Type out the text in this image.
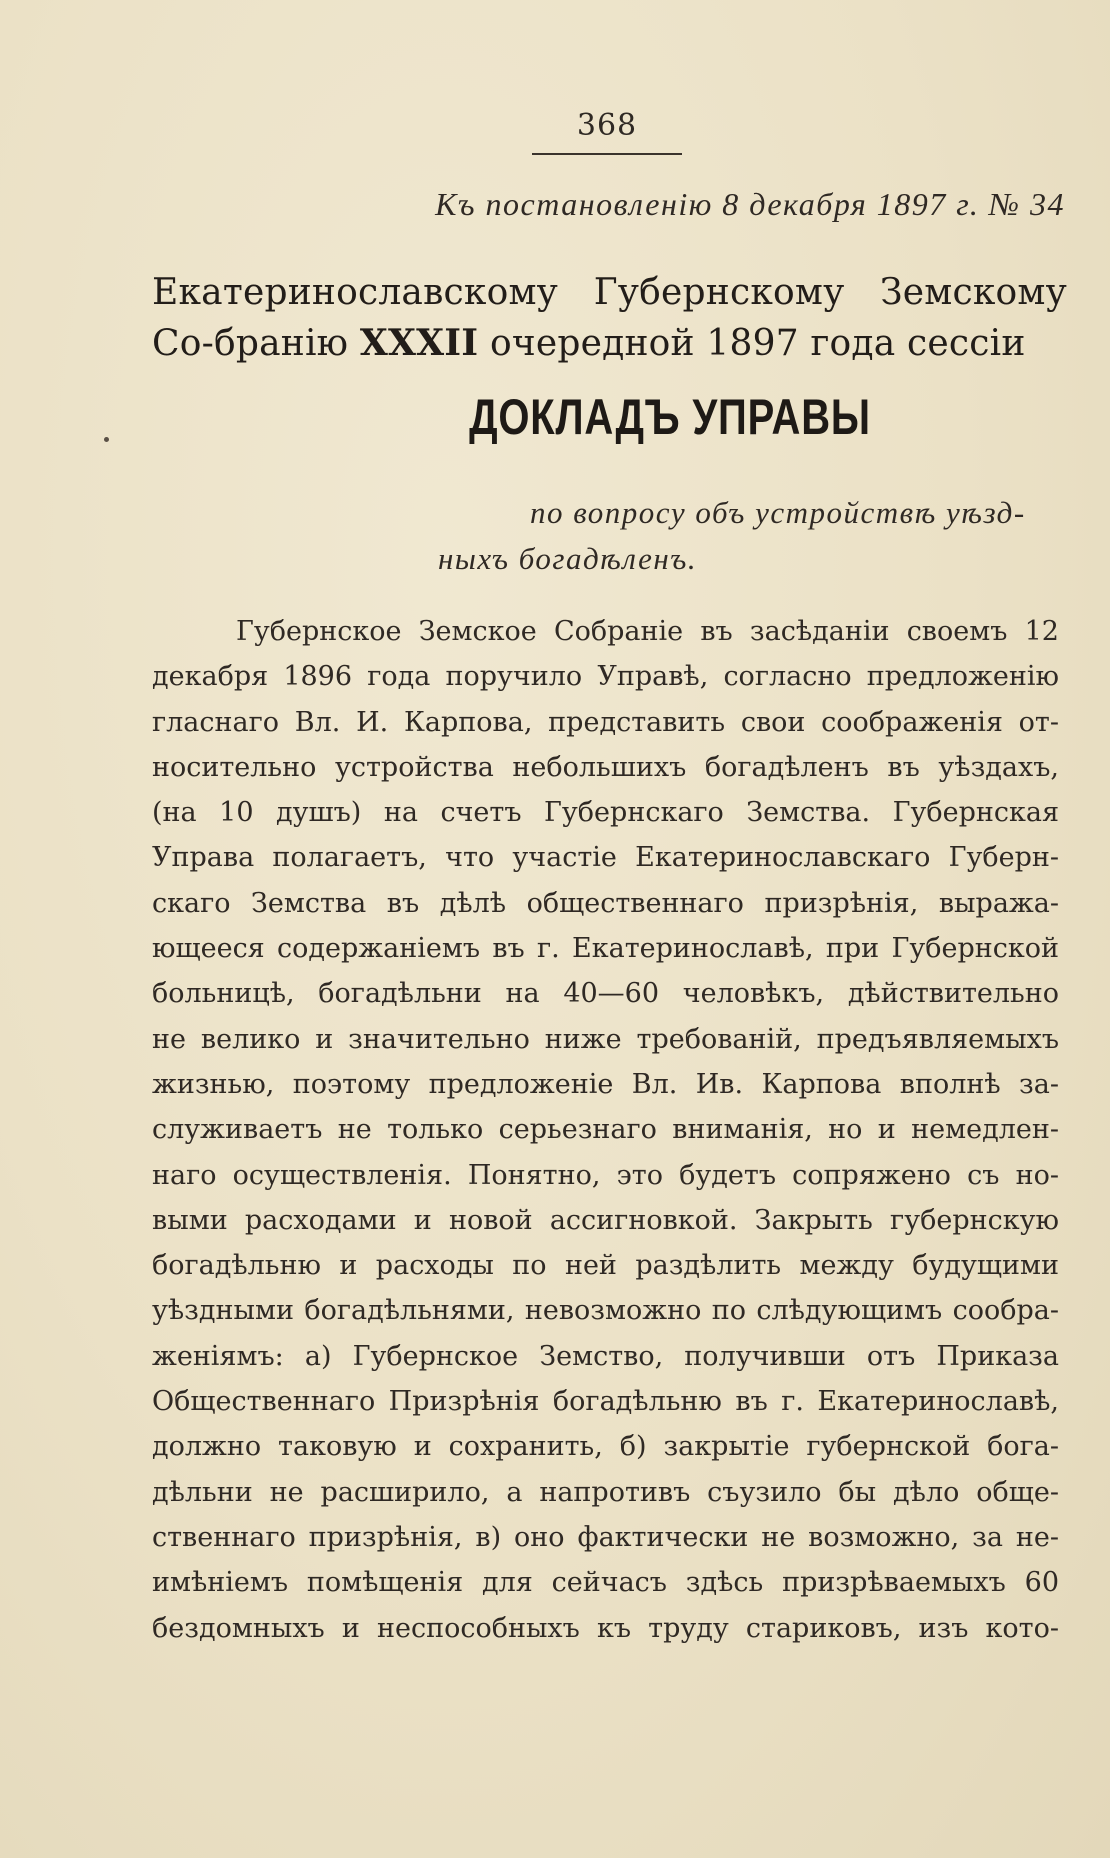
368
Къ постановленію 8 декабря 1897 г. № 34
Екатеринославскому Губернскому Земскому Со-бранію XXXII очередной 1897 года сессіи
ДОКЛАДЪ УПРАВЫ
по вопросу объ устройствѣ уѣзд-
ныхъ богадѣленъ.
Губернское Земское Собраніе въ засѣданіи своемъ 12
декабря 1896 года поручило Управѣ, согласно предложенію
гласнаго Вл. И. Карпова, представить свои соображенія от-
носительно устройства небольшихъ богадѣленъ въ уѣздахъ,
(на 10 душъ) на счетъ Губернскаго Земства. Губернская
Управа полагаетъ, что участіе Екатеринославскаго Губерн-
скаго Земства въ дѣлѣ общественнаго призрѣнія, выража-
ющееся содержаніемъ въ г. Екатеринославѣ, при Губернской
больницѣ, богадѣльни на 40—60 человѣкъ, дѣйствительно
не велико и значительно ниже требованій, предъявляемыхъ
жизнью, поэтому предложеніе Вл. Ив. Карпова вполнѣ за-
служиваетъ не только серьезнаго вниманія, но и немедлен-
наго осуществленія. Понятно, это будетъ сопряжено съ но-
выми расходами и новой ассигновкой. Закрыть губернскую
богадѣльню и расходы по ней раздѣлить между будущими
уѣздными богадѣльнями, невозможно по слѣдующимъ сообра-
женіямъ: а) Губернское Земство, получивши отъ Приказа
Общественнаго Призрѣнія богадѣльню въ г. Екатеринославѣ,
должно таковую и сохранить, б) закрытіе губернской бога-
дѣльни не расширило, а напротивъ съузило бы дѣло обще-
ственнаго призрѣнія, в) оно фактически не возможно, за не-
имѣніемъ помѣщенія для сейчасъ здѣсь призрѣваемыхъ 60
бездомныхъ и неспособныхъ къ труду стариковъ, изъ кото-
